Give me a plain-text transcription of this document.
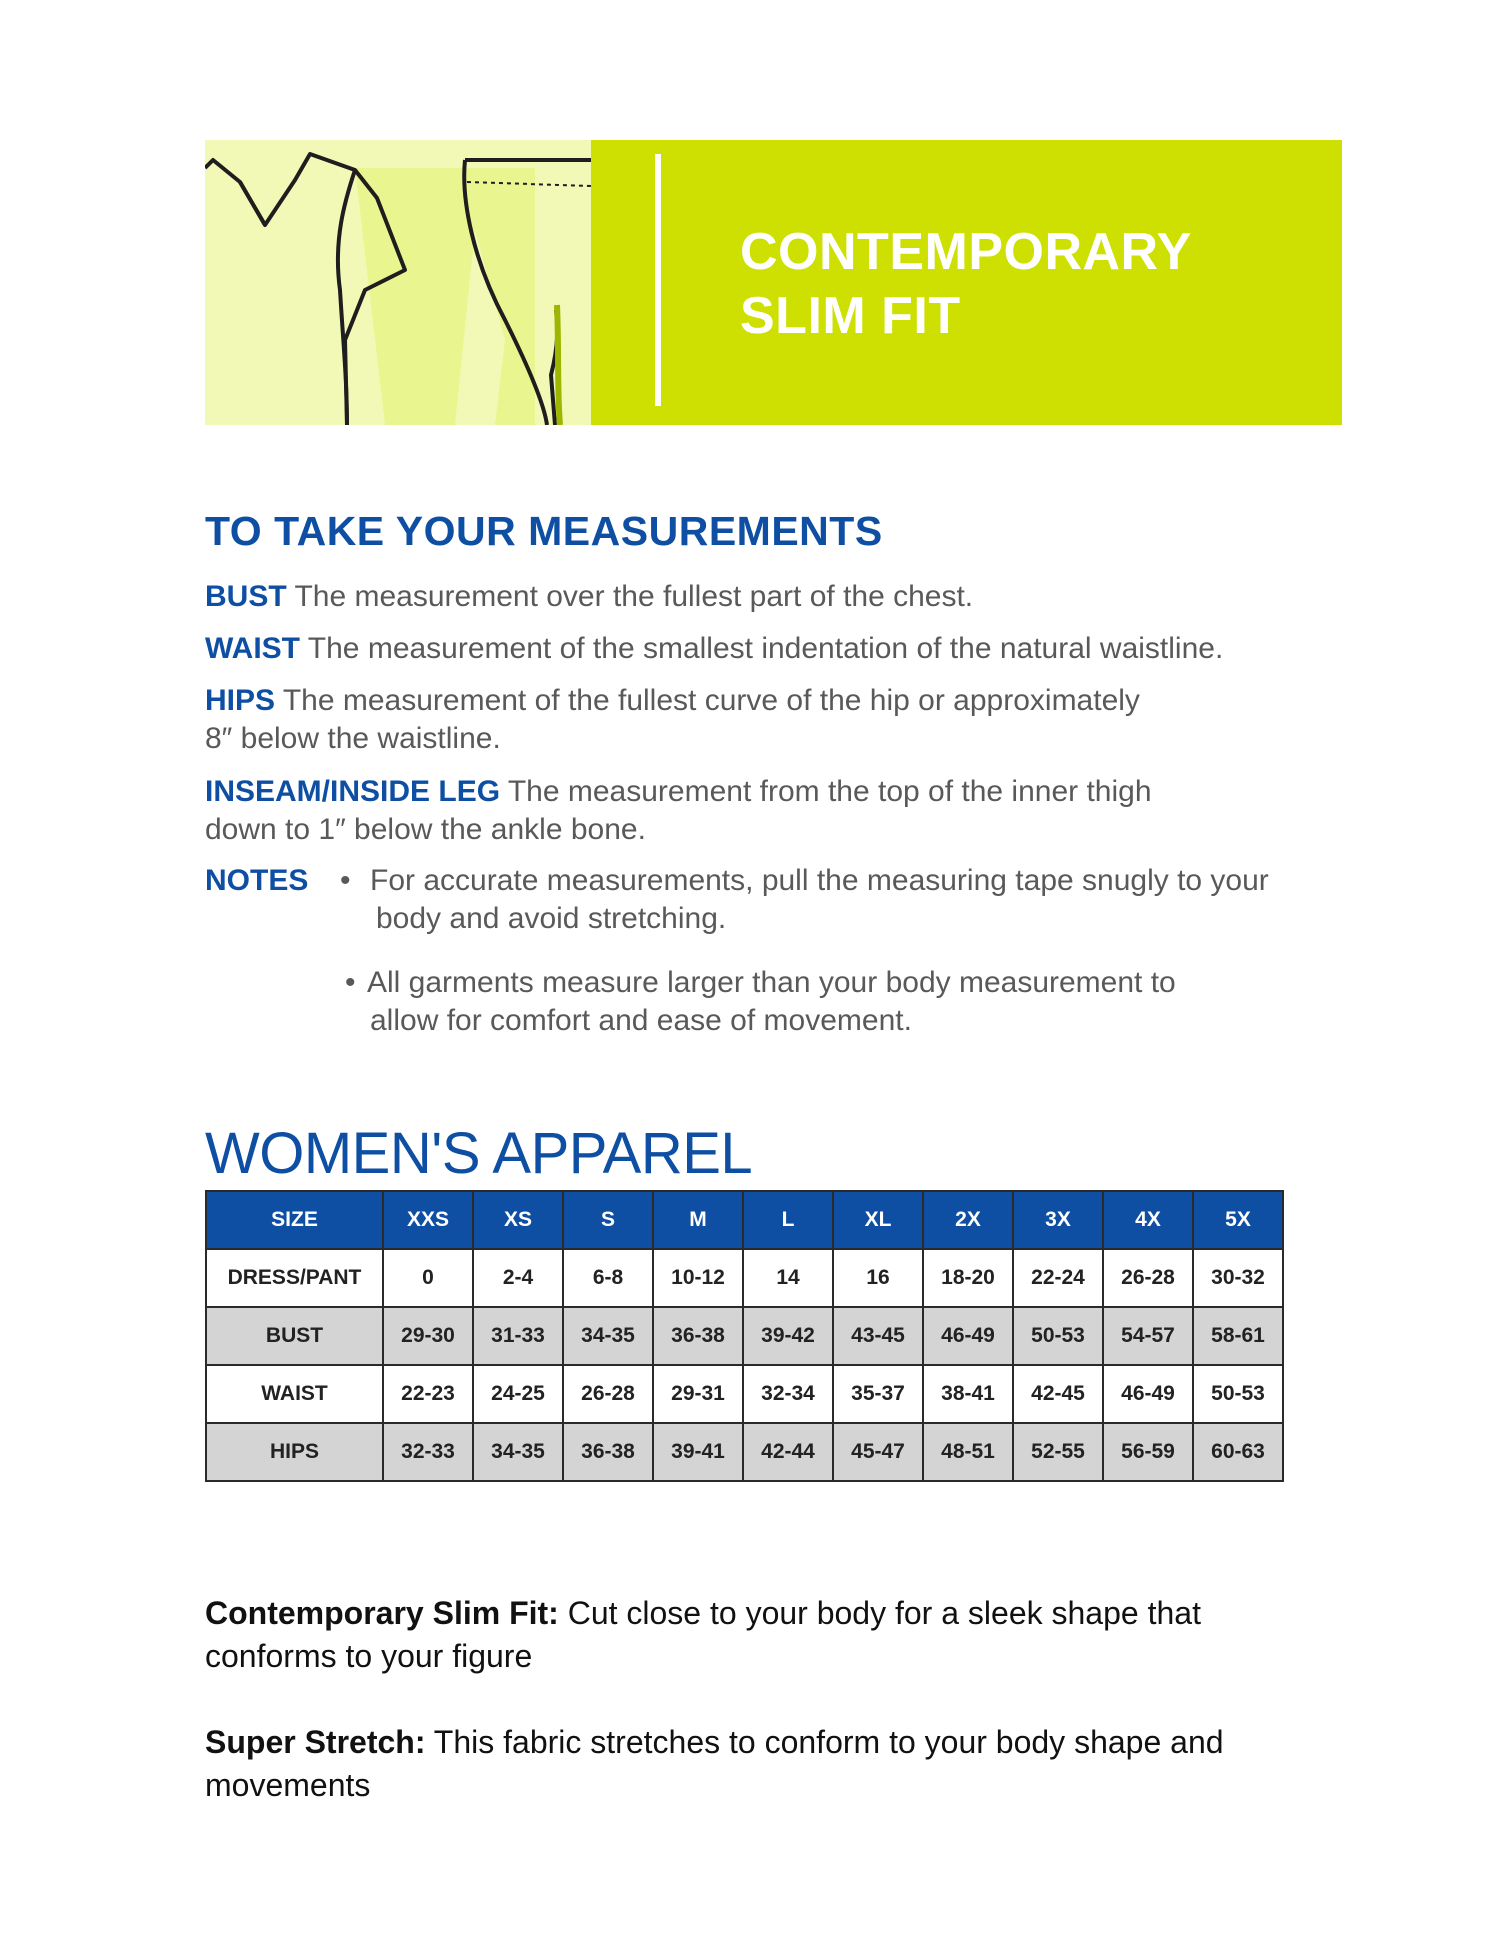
CONTEMPORARY
SLIM FIT
TO TAKE YOUR MEASUREMENTS

BUST The measurement over the fullest part of the chest.

WAIST The measurement of the smallest indentation of the natural waistline.

HIPS The measurement of the fullest curve of the hip or approximately
8″ below the waistline.

INSEAM/INSIDE LEG The measurement from the top of the inner thigh
down to 1″ below the ankle bone.

NOTES • For accurate measurements, pull the measuring tape snugly to your
body and avoid stretching.
• All garments measure larger than your body measurement to
allow for comfort and ease of movement.
WOMEN'S APPAREL
SIZE	XXS	XS	S	M	L	XL	2X	3X	4X	5X
DRESS/PANT	0	2-4	6-8	10-12	14	16	18-20	22-24	26-28	30-32
BUST	29-30	31-33	34-35	36-38	39-42	43-45	46-49	50-53	54-57	58-61
WAIST	22-23	24-25	26-28	29-31	32-34	35-37	38-41	42-45	46-49	50-53
HIPS	32-33	34-35	36-38	39-41	42-44	45-47	48-51	52-55	56-59	60-63
Contemporary Slim Fit: Cut close to your body for a sleek shape that
conforms to your figure
Super Stretch: This fabric stretches to conform to your body shape and
movements
